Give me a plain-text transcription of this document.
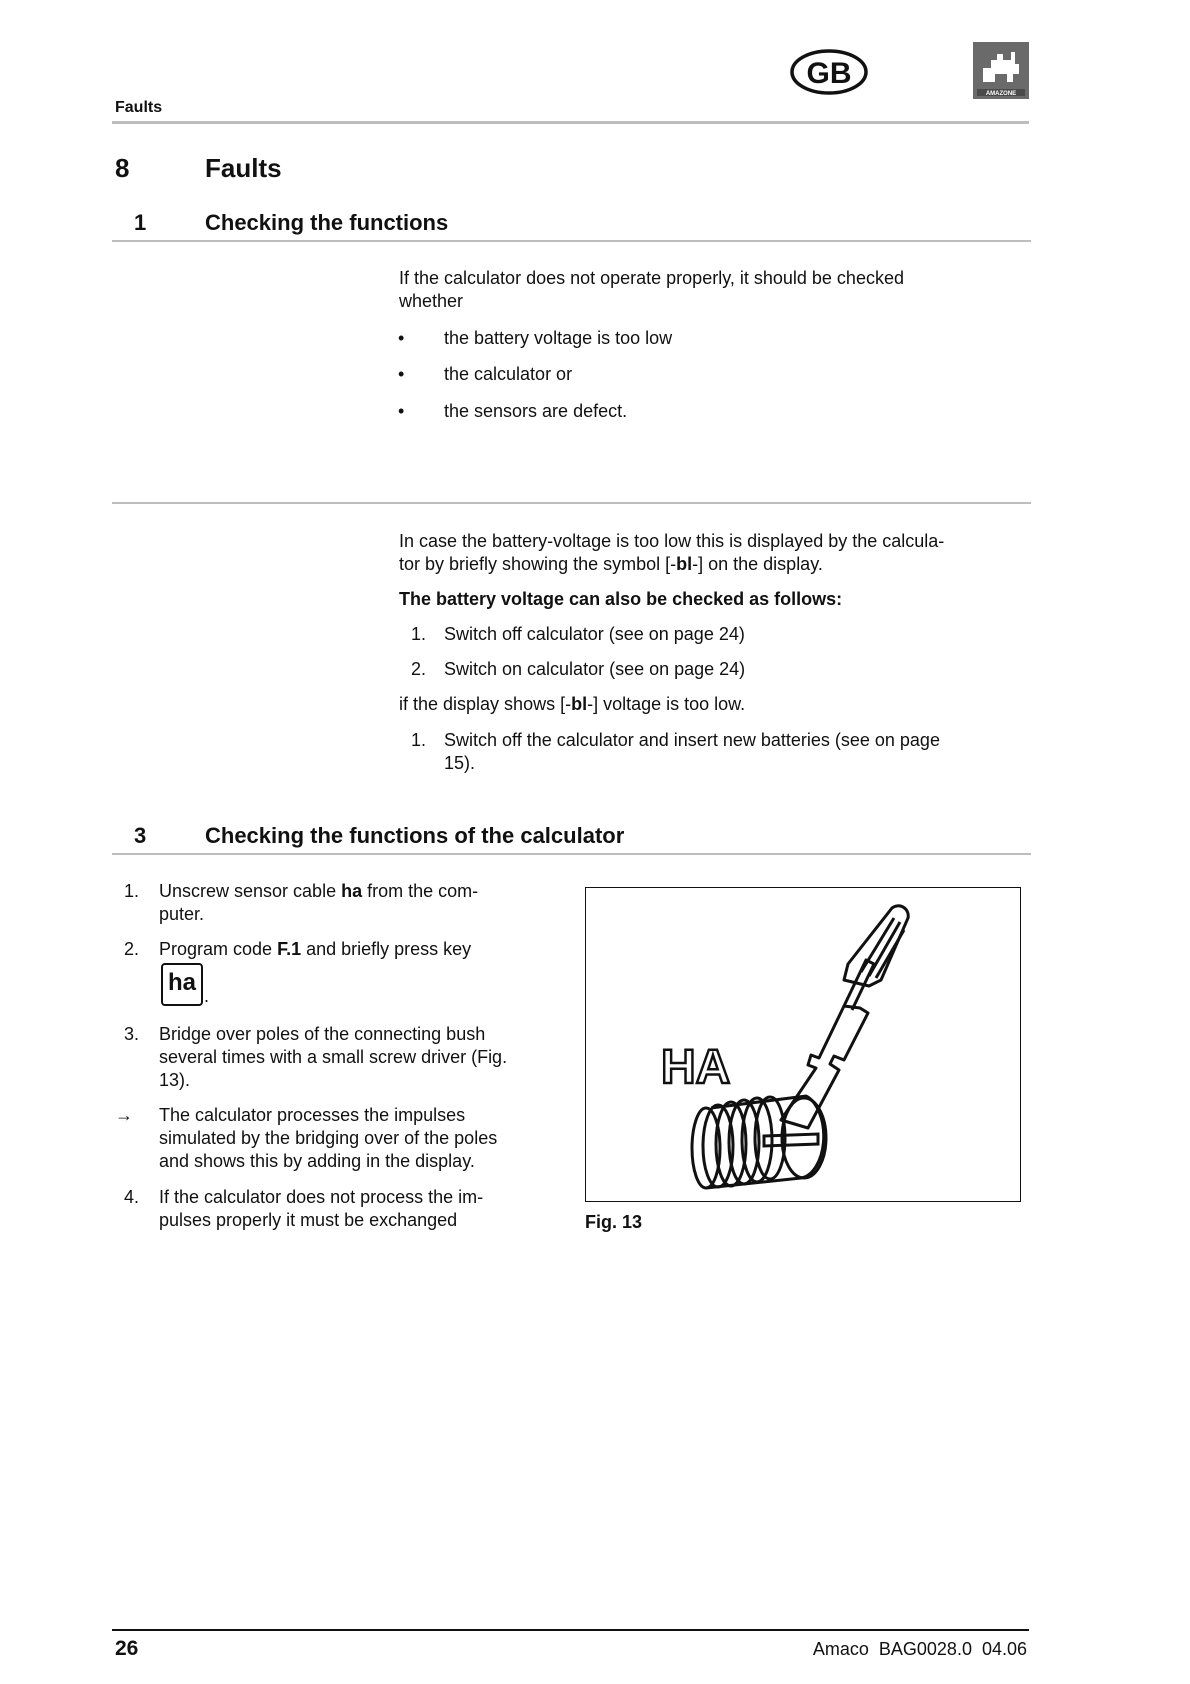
Faults
GB
AMAZONE
8	Faults
1	Checking the functions
If the calculator does not operate properly, it should be checked
whether
• the battery voltage is too low
• the calculator or
• the sensors are defect.
In case the battery-voltage is too low this is displayed by the calcula-
tor by briefly showing the symbol [-bl-] on the display.
The battery voltage can also be checked as follows:
1. Switch off calculator (see on page 24)
2. Switch on calculator (see on page 24)
if the display shows [-bl-] voltage is too low.
1. Switch off the calculator and insert new batteries (see on page
15).
3	Checking the functions of the calculator
1. Unscrew sensor cable ha from the com-
puter.
2. Program code F.1 and briefly press key
ha .
3. Bridge over poles of the connecting bush
several times with a small screw driver (Fig.
13).
→ The calculator processes the impulses
simulated by the bridging over of the poles
and shows this by adding in the display.
4. If the calculator does not process the im-
pulses properly it must be exchanged
HA
Fig. 13
26	Amaco  BAG0028.0  04.06
